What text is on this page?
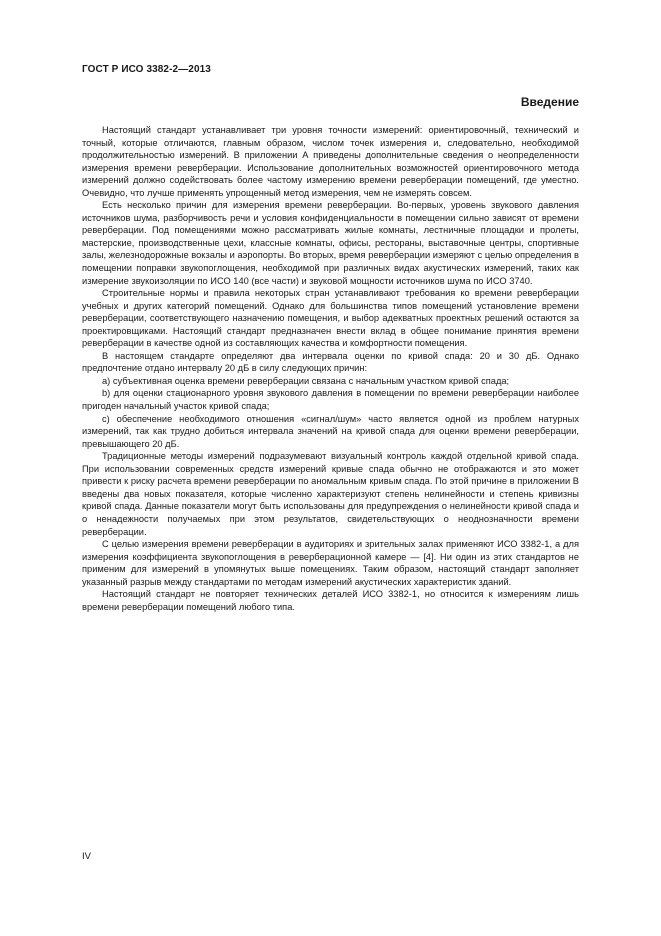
ГОСТ Р ИСО 3382-2—2013
Введение

Настоящий стандарт устанавливает три уровня точности измерений: ориентировочный, технический и точный, которые отличаются, главным образом, числом точек измерения и, следовательно, необходимой продолжительностью измерений. В приложении А приведены дополнительные сведения о неопределенности измерения времени реверберации. Использование дополнительных возможностей ориентировочного метода измерений должно содействовать более частому измерению времени реверберации помещений, где уместно. Очевидно, что лучше применять упрощенный метод измерения, чем не измерять совсем.

Есть несколько причин для измерения времени реверберации. Во-первых, уровень звукового давления источников шума, разборчивость речи и условия конфиденциальности в помещении сильно зависят от времени реверберации. Под помещениями можно рассматривать жилые комнаты, лестничные площадки и пролеты, мастерские, производственные цехи, классные комнаты, офисы, рестораны, выставочные центры, спортивные залы, железнодорожные вокзалы и аэропорты. Во вторых, время реверберации измеряют с целью определения в помещении поправки звукопоглощения, необходимой при различных видах акустических измерений, таких как измерение звукоизоляции по ИСО 140 (все части) и звуковой мощности источников шума по ИСО 3740.

Строительные нормы и правила некоторых стран устанавливают требования ко времени реверберации учебных и других категорий помещений. Однако для большинства типов помещений установление времени реверберации, соответствующего назначению помещения, и выбор адекватных проектных решений остаются за проектировщиками. Настоящий стандарт предназначен внести вклад в общее понимание принятия времени реверберации в качестве одной из составляющих качества и комфортности помещения.

В настоящем стандарте определяют два интервала оценки по кривой спада: 20 и 30 дБ. Однако предпочтение отдано интервалу 20 дБ в силу следующих причин:

a) субъективная оценка времени реверберации связана с начальным участком кривой спада;

b) для оценки стационарного уровня звукового давления в помещении по времени реверберации наиболее пригоден начальный участок кривой спада;

c) обеспечение необходимого отношения «сигнал/шум» часто является одной из проблем натурных измерений, так как трудно добиться интервала значений на кривой спада для оценки времени реверберации, превышающего 20 дБ.

Традиционные методы измерений подразумевают визуальный контроль каждой отдельной кривой спада. При использовании современных средств измерений кривые спада обычно не отображаются и это может привести к риску расчета времени реверберации по аномальным кривым спада. По этой причине в приложении В введены два новых показателя, которые численно характеризуют степень нелинейности и степень кривизны кривой спада. Данные показатели могут быть использованы для предупреждения о нелинейности кривой спада и о ненадежности получаемых при этом результатов, свидетельствующих о неоднозначности времени реверберации.

С целью измерения времени реверберации в аудиториях и зрительных залах применяют ИСО 3382-1, а для измерения коэффициента звукопоглощения в реверберационной камере — [4]. Ни один из этих стандартов не применим для измерений в упомянутых выше помещениях. Таким образом, настоящий стандарт заполняет указанный разрыв между стандартами по методам измерений акустических характеристик зданий.

Настоящий стандарт не повторяет технических деталей ИСО 3382-1, но относится к измерениям лишь времени реверберации помещений любого типа.

IV
